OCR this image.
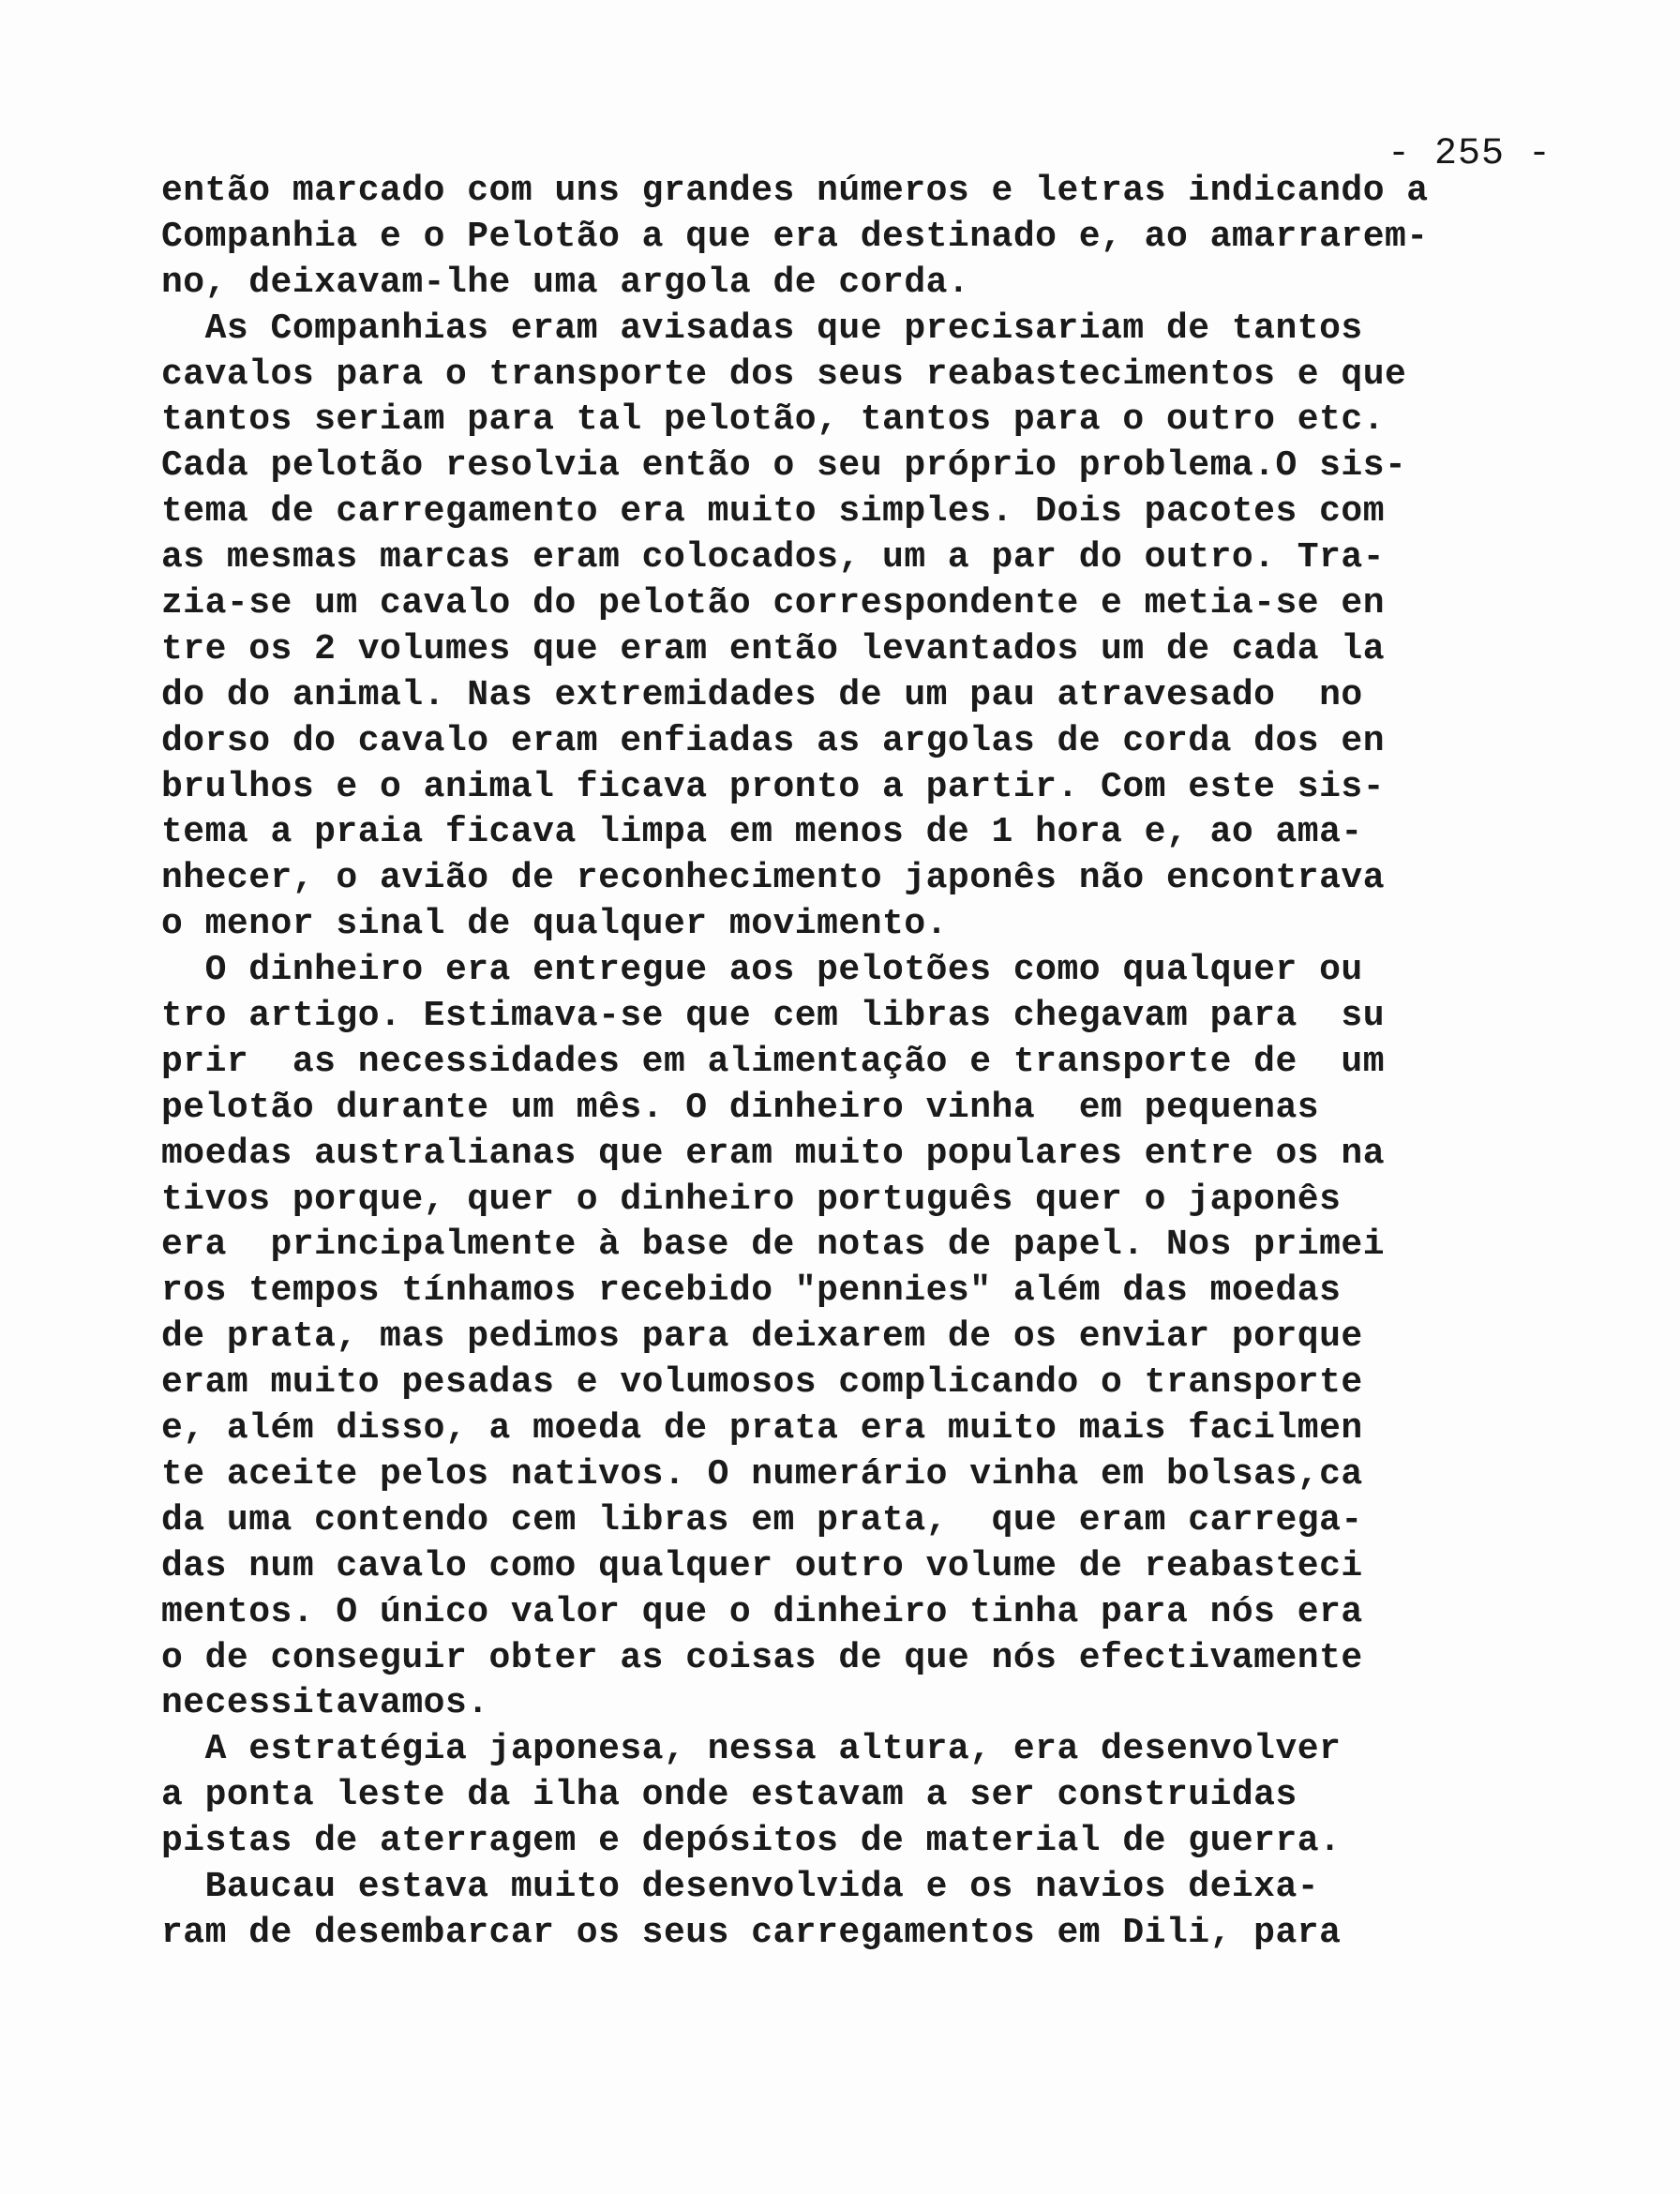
- 255 -
então marcado com uns grandes números e letras indicando a
Companhia e o Pelotão a que era destinado e, ao amarrarem-
no, deixavam-lhe uma argola de corda.
As Companhias eram avisadas que precisariam de tantos
cavalos para o transporte dos seus reabastecimentos e que
tantos seriam para tal pelotão, tantos para o outro etc.
Cada pelotão resolvia então o seu próprio problema.O sis-
tema de carregamento era muito simples. Dois pacotes com
as mesmas marcas eram colocados, um a par do outro. Tra-
zia-se um cavalo do pelotão correspondente e metia-se en
tre os 2 volumes que eram então levantados um de cada la
do do animal. Nas extremidades de um pau atravesado  no
dorso do cavalo eram enfiadas as argolas de corda dos en
brulhos e o animal ficava pronto a partir. Com este sis-
tema a praia ficava limpa em menos de 1 hora e, ao ama-
nhecer, o avião de reconhecimento japonês não encontrava
o menor sinal de qualquer movimento.
O dinheiro era entregue aos pelotões como qualquer ou
tro artigo. Estimava-se que cem libras chegavam para  su
prir  as necessidades em alimentação e transporte de  um
pelotão durante um mês. O dinheiro vinha  em pequenas
moedas australianas que eram muito populares entre os na
tivos porque, quer o dinheiro português quer o japonês
era  principalmente à base de notas de papel. Nos primei
ros tempos tínhamos recebido "pennies" além das moedas
de prata, mas pedimos para deixarem de os enviar porque
eram muito pesadas e volumosos complicando o transporte
e, além disso, a moeda de prata era muito mais facilmen
te aceite pelos nativos. O numerário vinha em bolsas,ca
da uma contendo cem libras em prata,  que eram carrega-
das num cavalo como qualquer outro volume de reabasteci
mentos. O único valor que o dinheiro tinha para nós era
o de conseguir obter as coisas de que nós efectivamente
necessitavamos.
A estratégia japonesa, nessa altura, era desenvolver
a ponta leste da ilha onde estavam a ser construidas
pistas de aterragem e depósitos de material de guerra.
Baucau estava muito desenvolvida e os navios deixa-
ram de desembarcar os seus carregamentos em Dili, para
